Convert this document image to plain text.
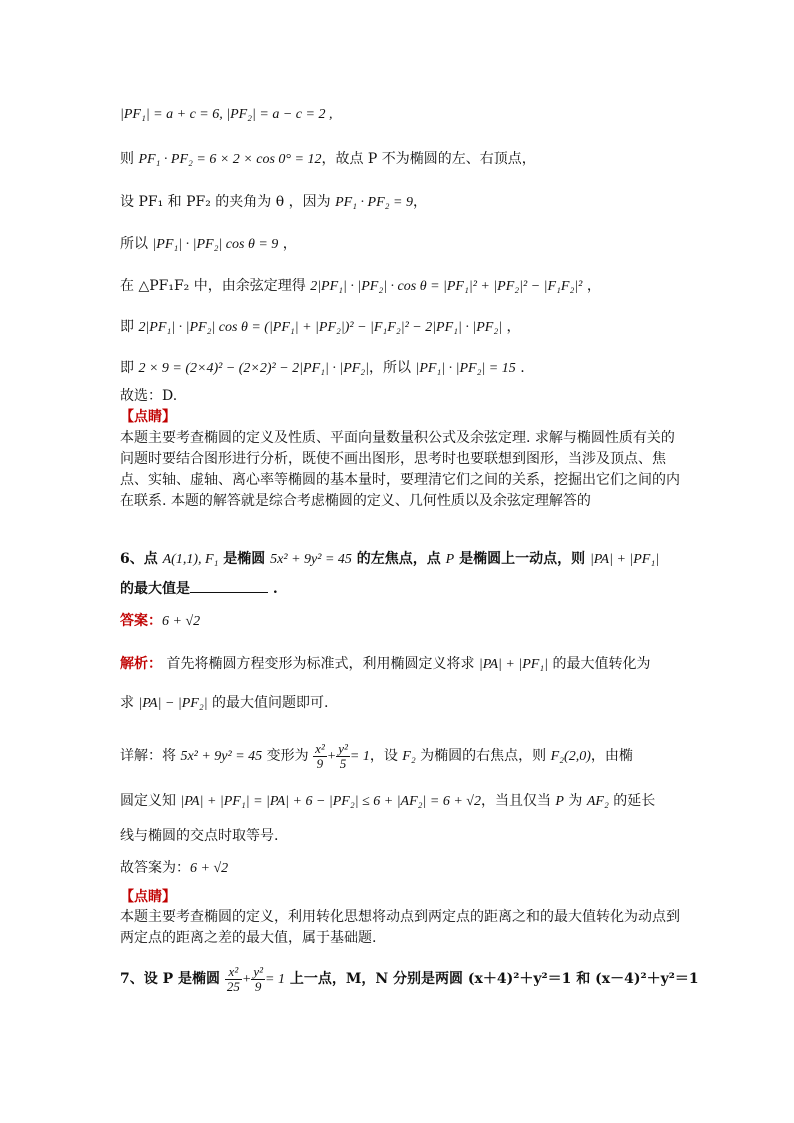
|PF₁| = a + c = 6, |PF₂| = a − c = 2 ,
则 PF₁ · PF₂ = 6 × 2 × cos 0° = 12，故点 P 不为椭圆的左、右顶点，
设 PF₁ 和 PF₂ 的夹角为 θ ，因为 PF₁ · PF₂ = 9，
所以 |PF₁| · |PF₂| cos θ = 9 ，
在 △PF₁F₂ 中，由余弦定理得 2|PF₁| · |PF₂| · cos θ = |PF₁|² + |PF₂|² − |F₁F₂|² ，
即 2|PF₁| · |PF₂| cos θ = (|PF₁| + |PF₂|)² − |F₁F₂|² − 2|PF₁| · |PF₂| ，
即 2 × 9 = (2×4)² − (2×2)² − 2|PF₁| · |PF₂|，所以 |PF₁| · |PF₂| = 15 .
故选：D.
【点睛】
本题主要考查椭圆的定义及性质、平面向量数量积公式及余弦定理. 求解与椭圆性质有关的问题时要结合图形进行分析，既使不画出图形，思考时也要联想到图形，当涉及顶点、焦点、实轴、虚轴、离心率等椭圆的基本量时，要理清它们之间的关系，挖掘出它们之间的内在联系. 本题的解答就是综合考虑椭圆的定义、几何性质以及余弦定理解答的
6、点 A(1,1), F₁ 是椭圆 5x² + 9y² = 45 的左焦点，点 P 是椭圆上一动点，则 |PA| + |PF₁|
的最大值是	.
答案：6 + √2
解析： 首先将椭圆方程变形为标准式，利用椭圆定义将求 |PA| + |PF₁| 的最大值转化为
求 |PA| − |PF₂| 的最大值问题即可.
详解：将 5x² + 9y² = 45 变形为 $\frac{\text{x²}}{9} + \frac{\text{y²}}{5} = 1$，设 F₂ 为椭圆的右焦点，则 F₂(2,0)，由椭
圆定义知 |PA| + |PF₁| = |PA| + 6 − |PF₂| ≤ 6 + |AF₂| = 6 + √2，当且仅当 P 为 AF₂ 的延长
线与椭圆的交点时取等号.
故答案为：6 + √2
【点睛】
本题主要考查椭圆的定义，利用转化思想将动点到两定点的距离之和的最大值转化为动点到两定点的距离之差的最大值，属于基础题.
7、设 P 是椭圆 $\frac{\text{x²}}{25} + \frac{\text{y²}}{9} = 1$ 上一点，M，N 分别是两圆 (x＋4)²＋y²＝1 和 (x－4)²＋y²＝1
